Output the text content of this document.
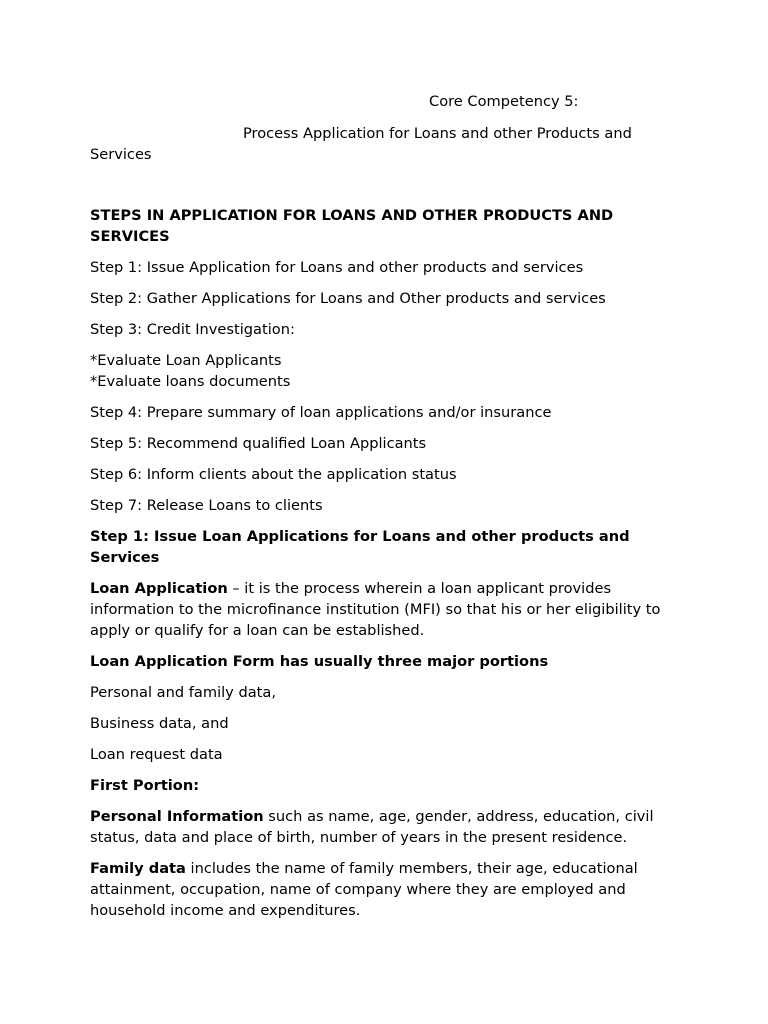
Core Competency 5:
Process Application for Loans and other Products and Services
STEPS IN APPLICATION FOR LOANS AND OTHER PRODUCTS AND SERVICES
Step 1: Issue Application for Loans and other products and services
Step 2: Gather Applications for Loans and Other products and services
Step 3: Credit Investigation:
*Evaluate Loan Applicants
*Evaluate loans documents
Step 4: Prepare summary of loan applications and/or insurance
Step 5: Recommend qualified Loan Applicants
Step 6: Inform clients about the application status
Step 7: Release Loans to clients
Step 1: Issue Loan Applications for Loans and other products and Services
Loan Application – it is the process wherein a loan applicant provides information to the microfinance institution (MFI) so that his or her eligibility to apply or qualify for a loan can be established.
Loan Application Form has usually three major portions
Personal and family data,
Business data, and
Loan request data
First Portion:
Personal Information such as name, age, gender, address, education, civil status, data and place of birth, number of years in the present residence.
Family data includes the name of family members, their age, educational attainment, occupation, name of company where they are employed and household income and expenditures.
